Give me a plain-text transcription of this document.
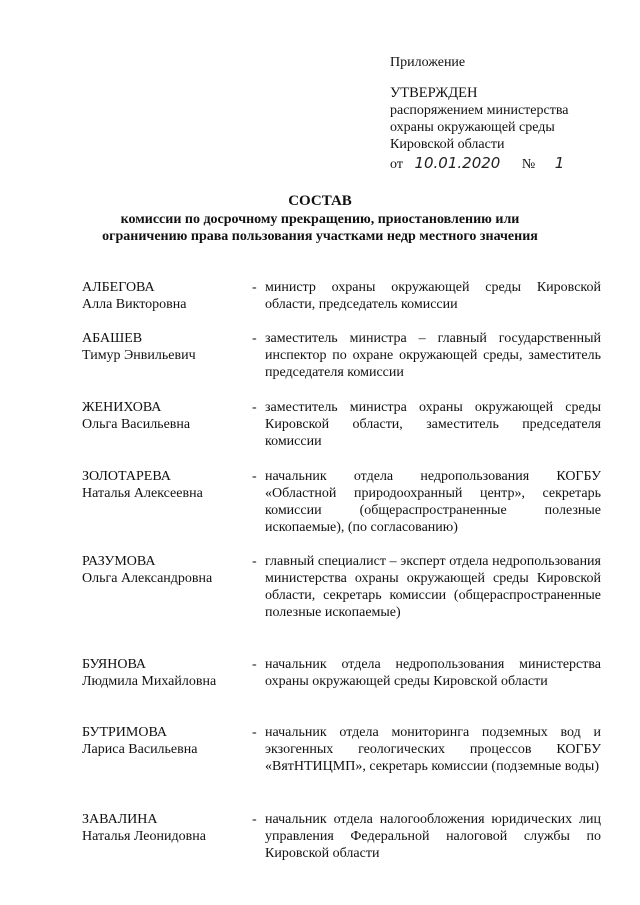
Приложение
УТВЕРЖДЕН
распоряжением министерства
охраны окружающей среды
Кировской области
от 10.01.2020 № 1
СОСТАВ
комиссии по досрочному прекращению, приостановлению или
ограничению права пользования участками недр местного значения
АЛБЕГОВА
Алла Викторовна
- министр охраны окружающей среды Кировской области, председатель комиссии
АБАШЕВ
Тимур Энвильевич
- заместитель министра – главный государственный инспектор по охране окружающей среды, заместитель председателя комиссии
ЖЕНИХОВА
Ольга Васильевна
- заместитель министра охраны окружающей среды Кировской области, заместитель председателя комиссии
ЗОЛОТАРЕВА
Наталья Алексеевна
- начальник отдела недропользования КОГБУ «Областной природоохранный центр», секретарь комиссии (общераспространенные полезные ископаемые), (по согласованию)
РАЗУМОВА
Ольга Александровна
- главный специалист – эксперт отдела недропользования министерства охраны окружающей среды Кировской области, секретарь комиссии (общераспространенные полезные ископаемые)
БУЯНОВА
Людмила Михайловна
- начальник отдела недропользования министерства охраны окружающей среды Кировской области
БУТРИМОВА
Лариса Васильевна
- начальник отдела мониторинга подземных вод и экзогенных геологических процессов КОГБУ «ВятНТИЦМП», секретарь комиссии (подземные воды)
ЗАВАЛИНА
Наталья Леонидовна
- начальник отдела налогообложения юридических лиц управления Федеральной налоговой службы по Кировской области
